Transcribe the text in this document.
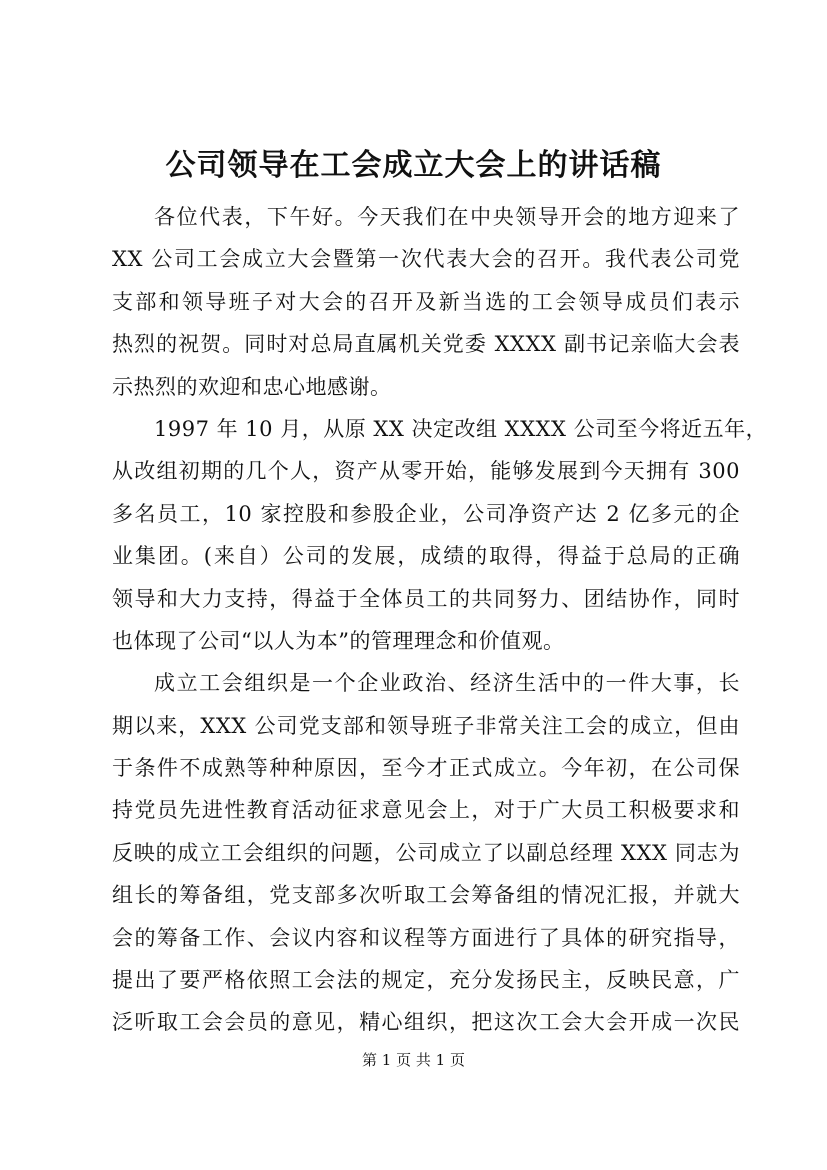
公司领导在工会成立大会上的讲话稿
各位代表，下午好。今天我们在中央领导开会的地方迎来了
XX 公司工会成立大会暨第一次代表大会的召开。我代表公司党
支部和领导班子对大会的召开及新当选的工会领导成员们表示
热烈的祝贺。同时对总局直属机关党委 XXXX 副书记亲临大会表
示热烈的欢迎和忠心地感谢。
1997 年 10 月，从原 XX 决定改组 XXXX 公司至今将近五年，
从改组初期的几个人，资产从零开始，能够发展到今天拥有 300
多名员工，10 家控股和参股企业，公司净资产达 2 亿多元的企
业集团。(来自）公司的发展，成绩的取得，得益于总局的正确
领导和大力支持，得益于全体员工的共同努力、团结协作，同时
也体现了公司“以人为本”的管理理念和价值观。
成立工会组织是一个企业政治、经济生活中的一件大事，长
期以来，XXX 公司党支部和领导班子非常关注工会的成立，但由
于条件不成熟等种种原因，至今才正式成立。今年初，在公司保
持党员先进性教育活动征求意见会上，对于广大员工积极要求和
反映的成立工会组织的问题，公司成立了以副总经理 XXX 同志为
组长的筹备组，党支部多次听取工会筹备组的情况汇报，并就大
会的筹备工作、会议内容和议程等方面进行了具体的研究指导，
提出了要严格依照工会法的规定，充分发扬民主，反映民意，广
泛听取工会会员的意见，精心组织，把这次工会大会开成一次民
第 1 页 共 1 页
